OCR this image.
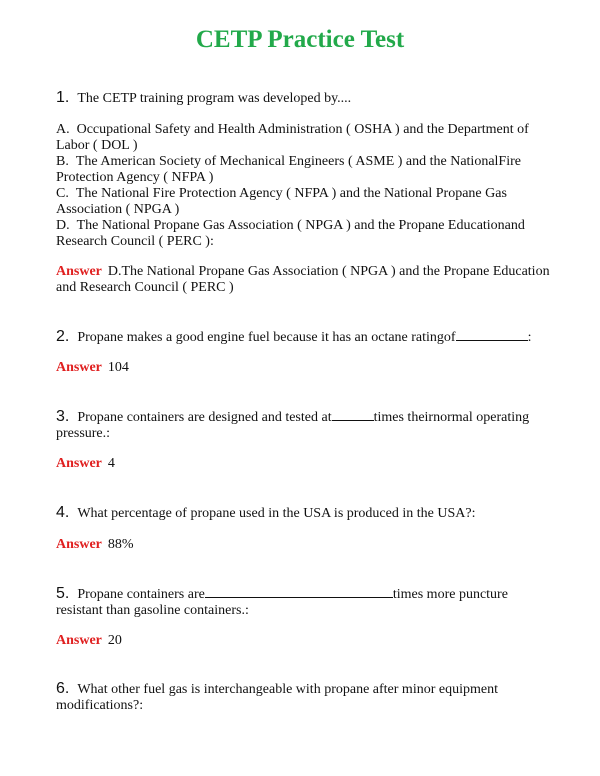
CETP Practice Test
1. The CETP training program was developed by....
A.  Occupational Safety and Health Administration ( OSHA ) and the Department of Labor ( DOL )
B.  The American Society of Mechanical Engineers ( ASME ) and the NationalFire Protection Agency ( NFPA )
C.  The National Fire Protection Agency ( NFPA ) and the National Propane Gas Association ( NPGA )
D.  The National Propane Gas Association ( NPGA ) and the Propane Educationand Research Council ( PERC ):
Answer D.The National Propane Gas Association ( NPGA ) and the Propane Education and Research Council ( PERC )
2. Propane makes a good engine fuel because it has an octane ratingof	:
Answer 104
3. Propane containers are designed and tested at	times theirnormal operating pressure.:
Answer 4
4. What percentage of propane used in the USA is produced in the USA?:
Answer 88%
5. Propane containers are	times more puncture resistant than gasoline containers.:
Answer 20
6. What other fuel gas is interchangeable with propane after minor equipment modifications?:
